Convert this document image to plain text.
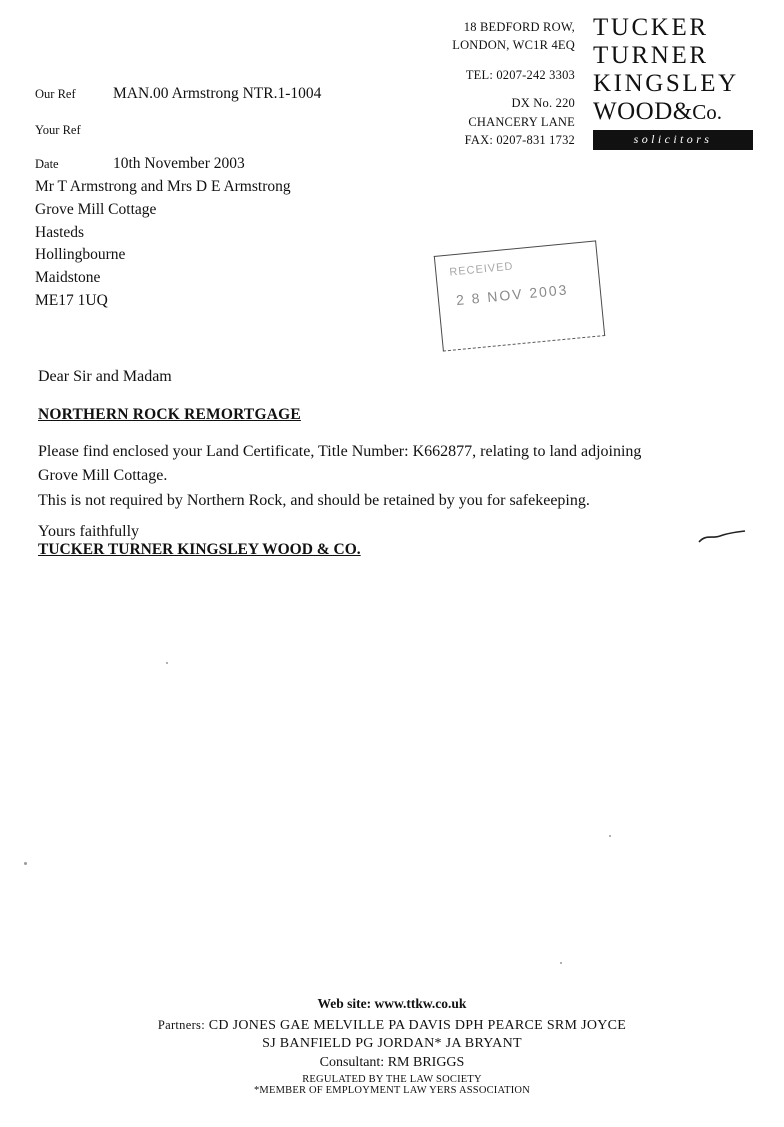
18 BEDFORD ROW,
LONDON, WC1R 4EQ
TEL: 0207-242 3303
DX No. 220
CHANCERY LANE
FAX: 0207-831 1732
TUCKER
TURNER
KINGSLEY
WOOD&Co.
solicitors
Our Ref	MAN.00 Armstrong NTR.1-1004
Your Ref
Date	10th November 2003
Mr T Armstrong and Mrs D E Armstrong
Grove Mill Cottage
Hasteds
Hollingbourne
Maidstone
ME17 1UQ
RECEIVED
2 8 NOV 2003
Dear Sir and Madam
NORTHERN ROCK REMORTGAGE

Please find enclosed your Land Certificate, Title Number: K662877, relating to land adjoining Grove Mill Cottage.

This is not required by Northern Rock, and should be retained by you for safekeeping.

Yours faithfully
TUCKER TURNER KINGSLEY WOOD & CO.
Web site: www.ttkw.co.uk
Partners: CD JONES GAE MELVILLE PA DAVIS DPH PEARCE SRM JOYCE
SJ BANFIELD PG JORDAN* JA BRYANT
Consultant: RM BRIGGS
REGULATED BY THE LAW SOCIETY
*MEMBER OF EMPLOYMENT LAW YERS ASSOCIATION
